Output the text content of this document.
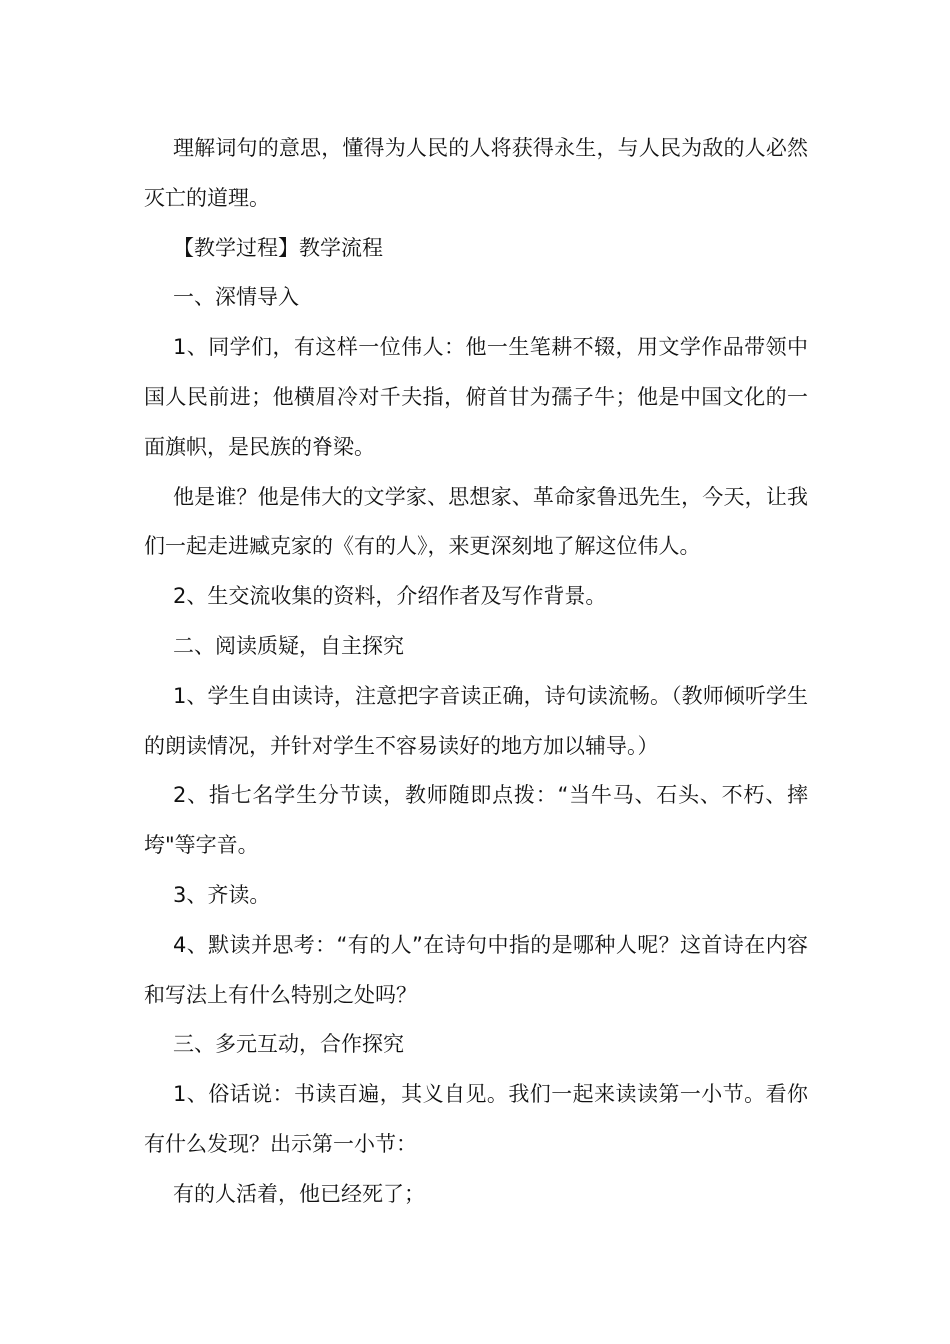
理解词句的意思，懂得为人民的人将获得永生，与人民为敌的人必然灭亡的道理。

【教学过程】教学流程

一、深情导入

1、同学们，有这样一位伟人：他一生笔耕不辍，用文学作品带领中国人民前进；他横眉冷对千夫指，俯首甘为孺子牛；他是中国文化的一面旗帜，是民族的脊梁。

他是谁？他是伟大的文学家、思想家、革命家鲁迅先生，今天，让我们一起走进臧克家的《有的人》，来更深刻地了解这位伟人。

2、生交流收集的资料，介绍作者及写作背景。

二、阅读质疑，自主探究

1、学生自由读诗，注意把字音读正确，诗句读流畅。（教师倾听学生的朗读情况，并针对学生不容易读好的地方加以辅导。）

2、指七名学生分节读，教师随即点拨：“当牛马、石头、不朽、摔垮"等字音。

3、齐读。

4、默读并思考：“有的人”在诗句中指的是哪种人呢？这首诗在内容和写法上有什么特别之处吗？

三、多元互动，合作探究

1、俗话说：书读百遍，其义自见。我们一起来读读第一小节。看你有什么发现？出示第一小节：

有的人活着，他已经死了；
